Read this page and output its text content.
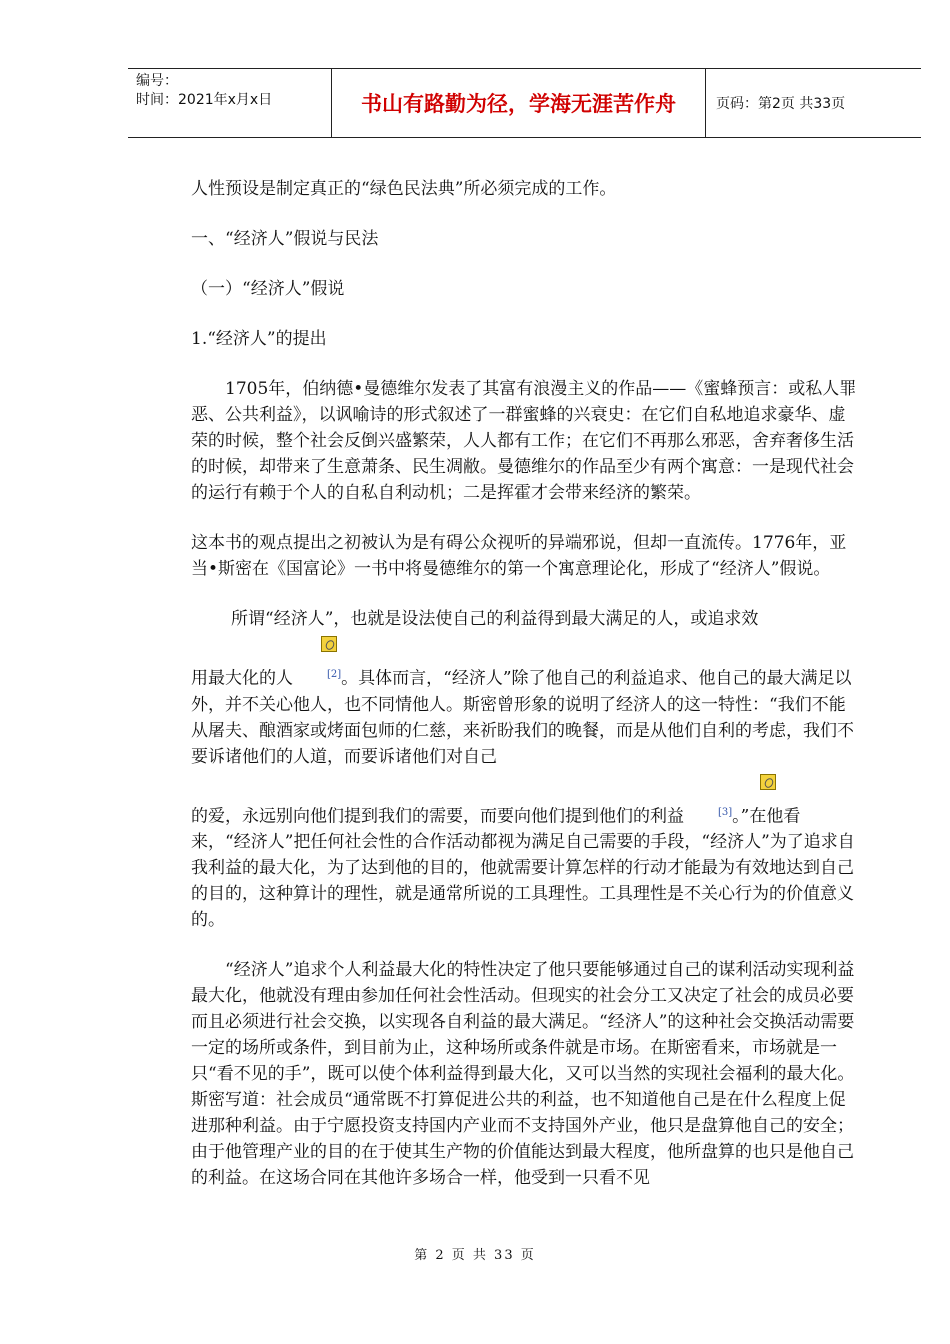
编号：
时间：2021年x月x日	书山有路勤为径，学海无涯苦作舟	页码：第2页 共33页

人性预设是制定真正的“绿色民法典”所必须完成的工作。

一、“经济人”假说与民法

（一）“经济人”假说

1.“经济人”的提出

1705年，伯纳德•曼德维尔发表了其富有浪漫主义的作品——《蜜蜂预言：或私人罪恶、公共利益》，以讽喻诗的形式叙述了一群蜜蜂的兴衰史：在它们自私地追求豪华、虚荣的时候，整个社会反倒兴盛繁荣，人人都有工作；在它们不再那么邪恶，舍弃奢侈生活的时候，却带来了生意萧条、民生凋敝。曼德维尔的作品至少有两个寓意：一是现代社会的运行有赖于个人的自私自利动机；二是挥霍才会带来经济的繁荣。

这本书的观点提出之初被认为是有碍公众视听的异端邪说，但却一直流传。1776年，亚当•斯密在《国富论》一书中将曼德维尔的第一个寓意理论化，形成了“经济人”假说。

所谓“经济人”，也就是设法使自己的利益得到最大满足的人，或追求效

用最大化的人	[2]。具体而言，“经济人”除了他自己的利益追求、他自己的最大满足以外，并不关心他人，也不同情他人。斯密曾形象的说明了经济人的这一特性：“我们不能从屠夫、酿酒家或烤面包师的仁慈，来祈盼我们的晚餐，而是从他们自利的考虑，我们不要诉诸他们的人道，而要诉诸他们对自己

的爱，永远别向他们提到我们的需要，而要向他们提到他们的利益	[3]。”在他看来，“经济人”把任何社会性的合作活动都视为满足自己需要的手段，“经济人”为了追求自我利益的最大化，为了达到他的目的，他就需要计算怎样的行动才能最为有效地达到自己的目的，这种算计的理性，就是通常所说的工具理性。工具理性是不关心行为的价值意义的。

“经济人”追求个人利益最大化的特性决定了他只要能够通过自己的谋利活动实现利益最大化，他就没有理由参加任何社会性活动。但现实的社会分工又决定了社会的成员必要而且必须进行社会交换，以实现各自利益的最大满足。“经济人”的这种社会交换活动需要一定的场所或条件，到目前为止，这种场所或条件就是市场。在斯密看来，市场就是一只“看不见的手”，既可以使个体利益得到最大化，又可以当然的实现社会福利的最大化。斯密写道：社会成员“通常既不打算促进公共的利益，也不知道他自己是在什么程度上促进那种利益。由于宁愿投资支持国内产业而不支持国外产业，他只是盘算他自己的安全；由于他管理产业的目的在于使其生产物的价值能达到最大程度，他所盘算的也只是他自己的利益。在这场合同在其他许多场合一样，他受到一只看不见

第 2 页 共 33 页
